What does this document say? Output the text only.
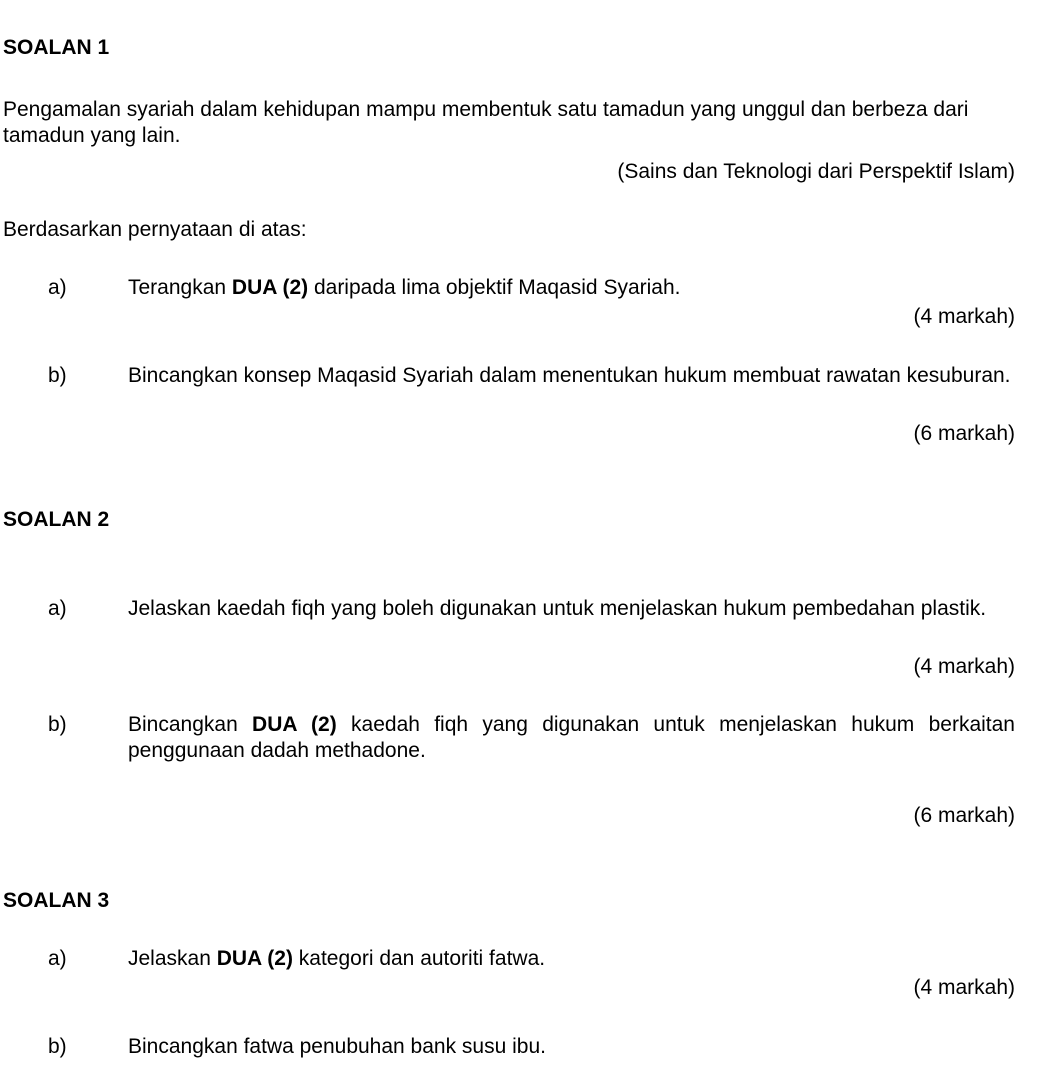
SOALAN 1
Pengamalan syariah dalam kehidupan mampu membentuk satu tamadun yang unggul dan berbeza dari tamadun yang lain.
(Sains dan Teknologi dari Perspektif Islam)
Berdasarkan pernyataan di atas:
a)	Terangkan DUA (2) daripada lima objektif Maqasid Syariah.
(4 markah)
b)	Bincangkan konsep Maqasid Syariah dalam menentukan hukum membuat rawatan kesuburan.
(6 markah)
SOALAN 2
a)	Jelaskan kaedah fiqh yang boleh digunakan untuk menjelaskan hukum pembedahan plastik.
(4 markah)
b)	Bincangkan DUA (2) kaedah fiqh yang digunakan untuk menjelaskan hukum berkaitan penggunaan dadah methadone.
(6 markah)
SOALAN 3
a)	Jelaskan DUA (2) kategori dan autoriti fatwa.
(4 markah)
b)	Bincangkan fatwa penubuhan bank susu ibu.
